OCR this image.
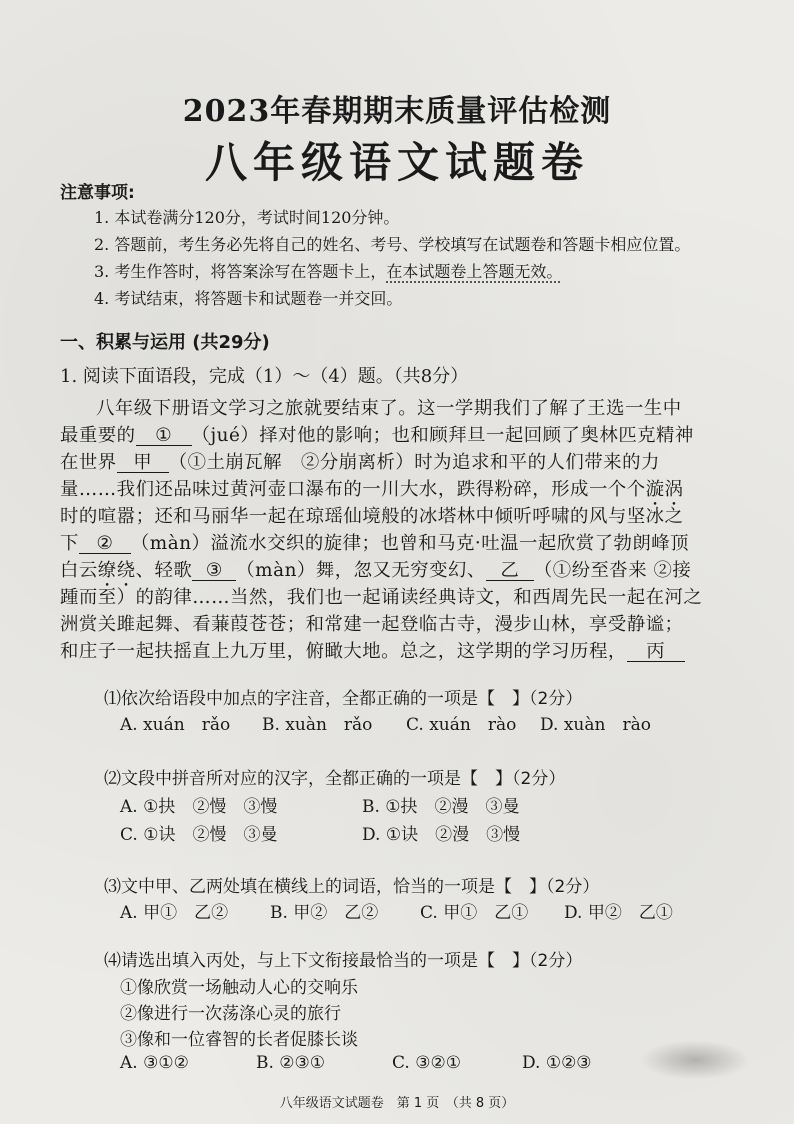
2023年春期期末质量评估检测
八年级语文试题卷
注意事项:
1. 本试卷满分120分，考试时间120分钟。
2. 答题前，考生务必先将自己的姓名、考号、学校填写在试题卷和答题卡相应位置。
3. 考生作答时，将答案涂写在答题卡上，在本试题卷上答题无效。
4. 考试结束，将答题卡和试题卷一并交回。
一、积累与运用 (共29分)
1. 阅读下面语段，完成（1）～（4）题。（共8分）
八年级下册语文学习之旅就要结束了。这一学期我们了解了王选一生中
最重要的 ① （jué）择对他的影响；也和顾拜旦一起回顾了奥林匹克精神
在世界 甲 （①土崩瓦解　②分崩离析）时为追求和平的人们带来的力
量……我们还品味过黄河壶口瀑布的一川大水，跌得粉碎，形成一个个漩涡
时的喧嚣；还和马丽华一起在琼瑶仙境般的冰塔林中倾听呼啸的风与坚冰之
下 ② （màn）溢流水交织的旋律；也曾和马克·吐温一起欣赏了勃朗峰顶
白云缭绕、轻歌 ③ （màn）舞，忽又无穷变幻、 乙 （①纷至沓来 ②接
踵而至）的韵律……当然，我们也一起诵读经典诗文，和西周先民一起在河之
洲赏关雎起舞、看蒹葭苍苍；和常建一起登临古寺，漫步山林，享受静谧；
和庄子一起扶摇直上九万里，俯瞰大地。总之，这学期的学习历程， 丙
⑴依次给语段中加点的字注音，全都正确的一项是【　】（2分）
A. xuán　rǎo B. xuàn　rǎo C. xuán　rào D. xuàn　rào
⑵文段中拼音所对应的汉字，全都正确的一项是【　】（2分）
A. ①抉　②慢　③慢	B. ①抉　②漫　③曼
C. ①诀　②慢　③曼	D. ①诀　②漫　③慢
⑶文中甲、乙两处填在横线上的词语，恰当的一项是【　】（2分）
A. 甲①　乙② B. 甲②　乙② C. 甲①　乙① D. 甲②　乙①
⑷请选出填入丙处，与上下文衔接最恰当的一项是【　】（2分）
①像欣赏一场触动人心的交响乐
②像进行一次荡涤心灵的旅行
③像和一位睿智的长者促膝长谈
A. ③①②	B. ②③①	C. ③②①	D. ①②③
八年级语文试题卷　第 1 页　（共 8 页）
